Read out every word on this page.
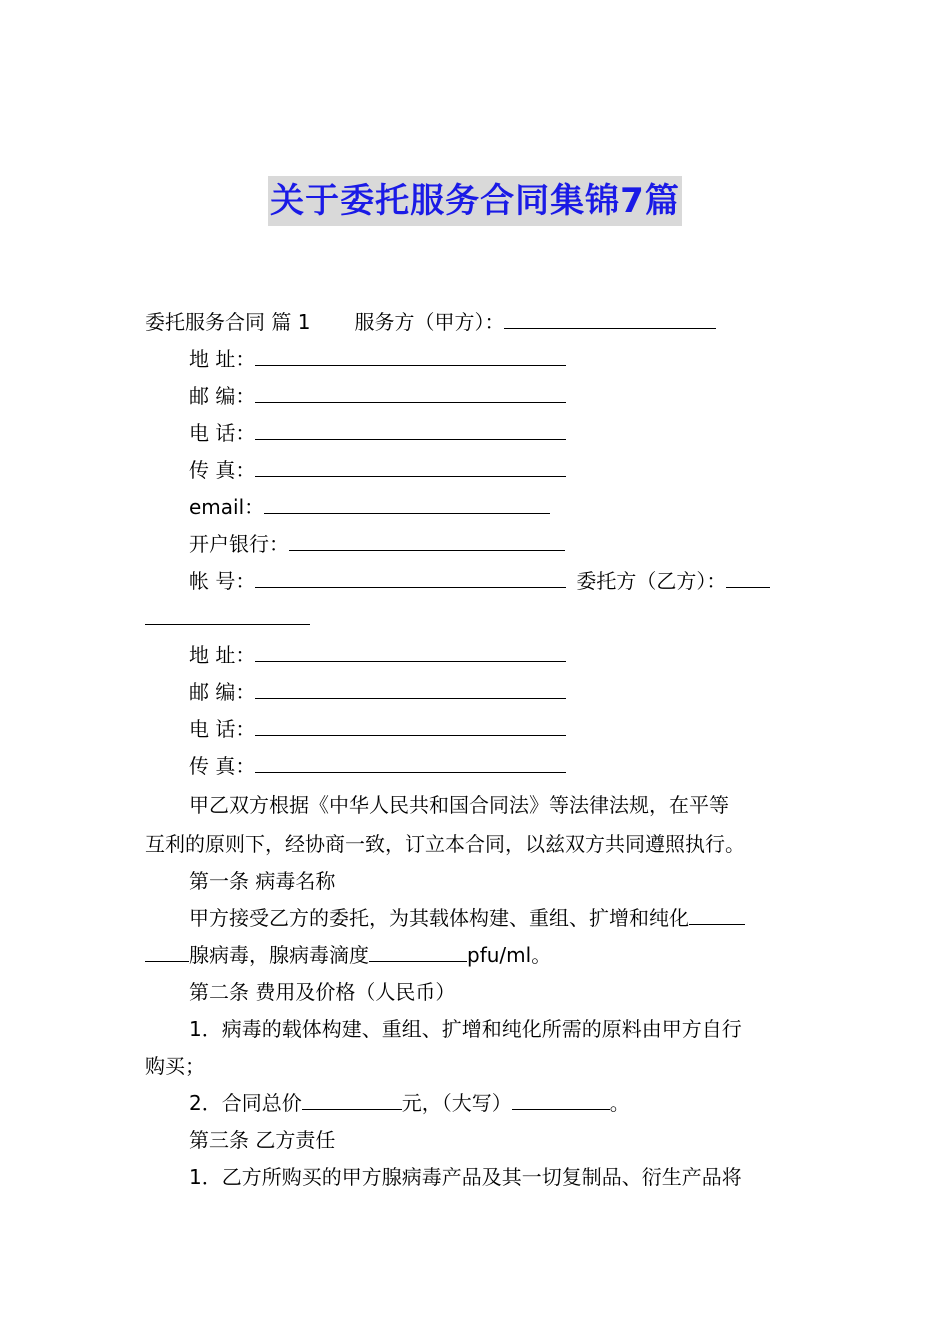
关于委托服务合同集锦7篇
委托服务合同 篇 1 服务方（甲方）：
地 址：
邮 编：
电 话：
传 真：
email：
开户银行：
帐 号：	委托方（乙方）：
地 址：
邮 编：
电 话：
传 真：
甲乙双方根据《中华人民共和国合同法》等法律法规，在平等
互利的原则下，经协商一致，订立本合同，以兹双方共同遵照执行。
第一条 病毒名称
甲方接受乙方的委托，为其载体构建、重组、扩增和纯化
腺病毒，腺病毒滴度	pfu/ml。
第二条 费用及价格（人民币）
1．病毒的载体构建、重组、扩增和纯化所需的原料由甲方自行
购买；
2．合同总价	元，（大写）	。
第三条 乙方责任
1．乙方所购买的甲方腺病毒产品及其一切复制品、衍生产品将
